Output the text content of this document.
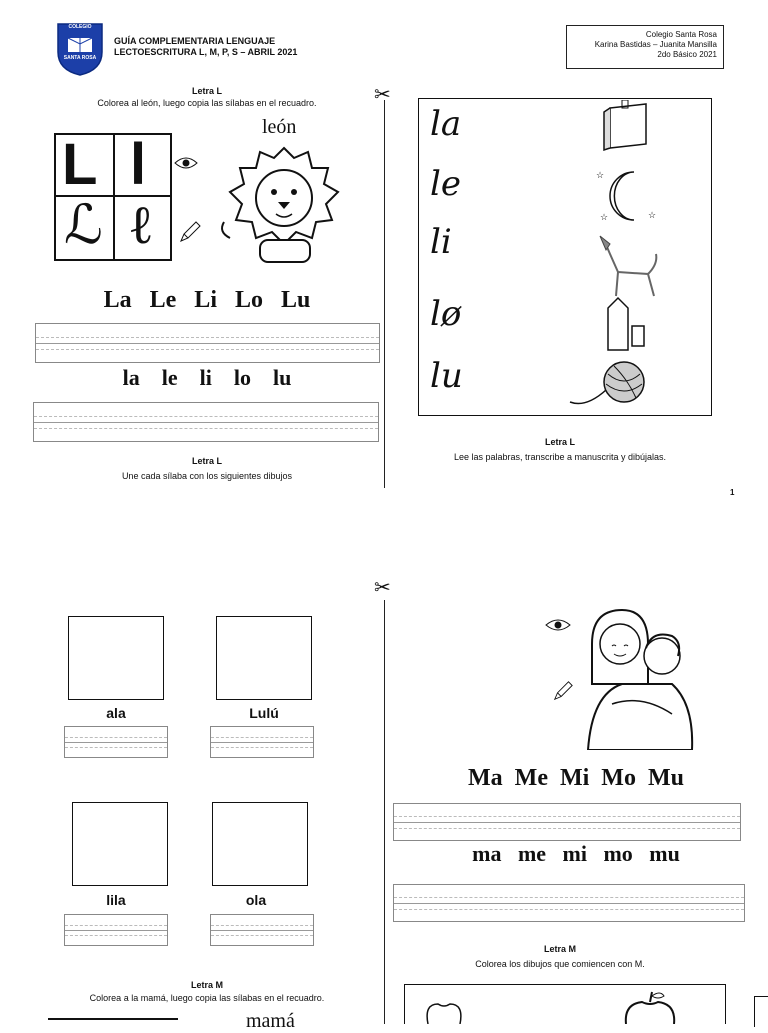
COLEGIO
SANTA ROSA
GUÍA COMPLEMENTARIA LENGUAJE
LECTOESCRITURA L, M, P, S – ABRIL 2021
Colegio Santa Rosa
Karina Bastidas – Juanita Mansilla
2do Básico 2021
✂
✂
Letra L
Colorea al león, luego copia las sílabas en el recuadro.
L l
ℒ ℓ
león
La   Le   Li   Lo   Lu
la    le    li    lo    lu
Letra L
Une cada sílaba con los siguientes dibujos
la
le
li
lø
lu
☆
☆
☆
Letra L
Lee las palabras, transcribe a manuscrita y dibújalas.
1
ala	Lulú
lila	ola
Letra M
Colorea a la mamá, luego copia las sílabas en el recuadro.
mamá
Ma  Me  Mi  Mo  Mu
ma   me   mi   mo   mu
Letra M
Colorea los dibujos que comiencen con M.
